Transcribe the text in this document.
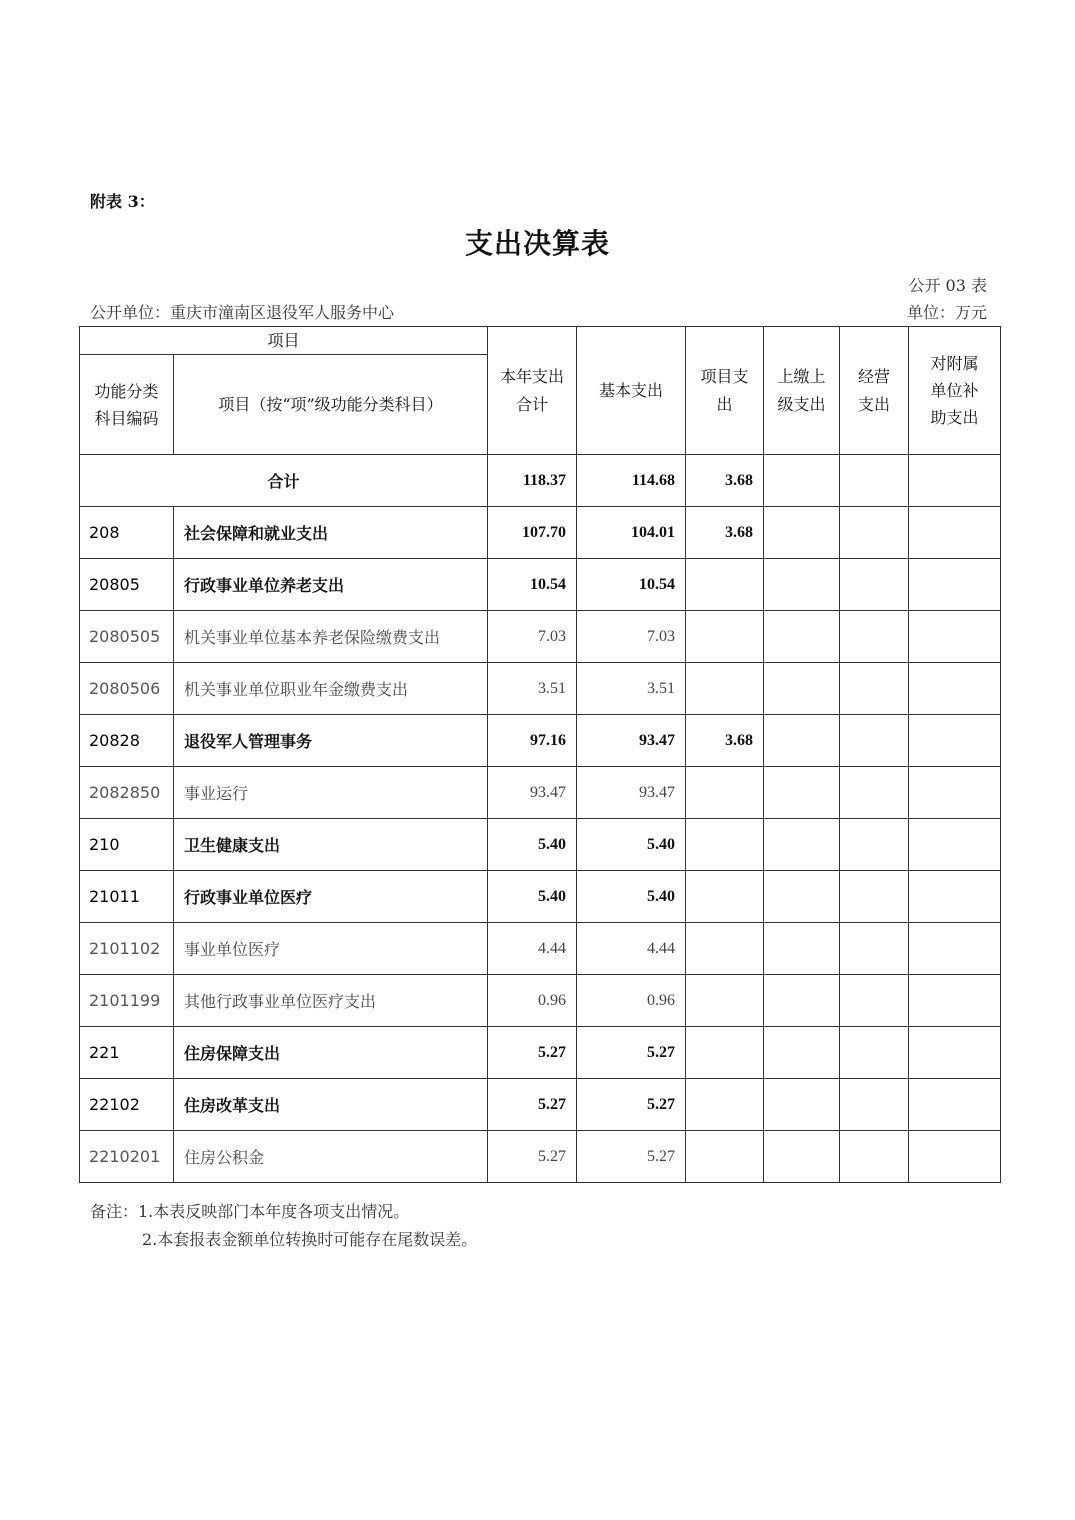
附表 3：
支出决算表
公开 03 表
公开单位：重庆市潼南区退役军人服务中心	单位：万元
项目		本年支出合计	基本支出	项目支出	上缴上级支出	经营支出	对附属单位补助支出

功能分类科目编码	项目（按“项”级功能分类科目）						
合计		118.37	114.68	3.68			
208	社会保障和就业支出	107.70	104.01	3.68			
20805	行政事业单位养老支出	10.54	10.54				
2080505	机关事业单位基本养老保险缴费支出	7.03	7.03				
2080506	机关事业单位职业年金缴费支出	3.51	3.51				
20828	退役军人管理事务	97.16	93.47	3.68			
2082850	事业运行	93.47	93.47				
210	卫生健康支出	5.40	5.40				
21011	行政事业单位医疗	5.40	5.40				
2101102	事业单位医疗	4.44	4.44				
2101199	其他行政事业单位医疗支出	0.96	0.96				
221	住房保障支出	5.27	5.27				
22102	住房改革支出	5.27	5.27				
2210201	住房公积金	5.27	5.27				
备注：1.本表反映部门本年度各项支出情况。
2.本套报表金额单位转换时可能存在尾数误差。
